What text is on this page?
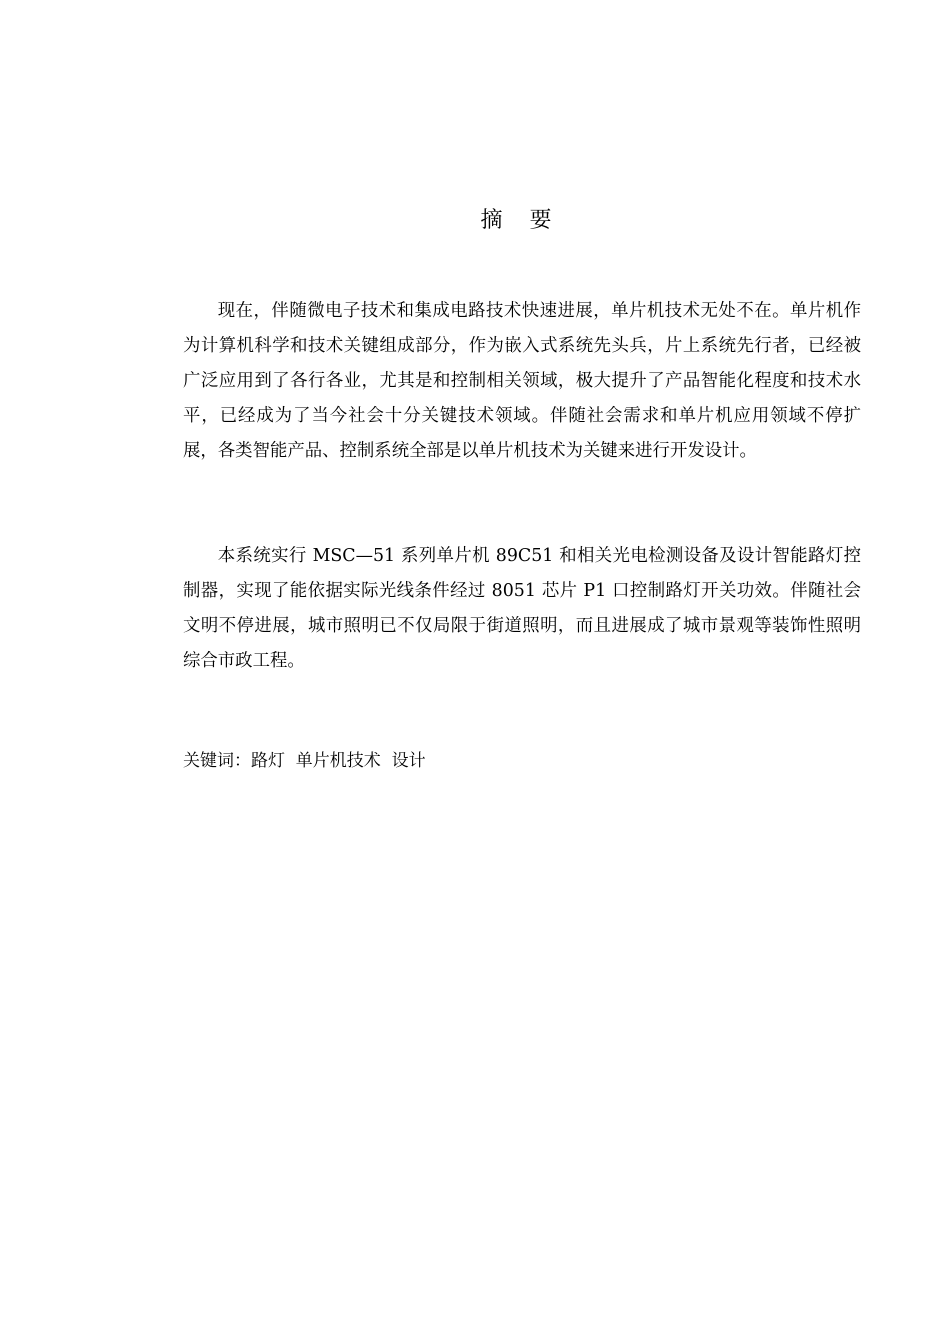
摘 要

现在，伴随微电子技术和集成电路技术快速进展，单片机技术无处不在。单片机作为计算机科学和技术关键组成部分，作为嵌入式系统先头兵，片上系统先行者，已经被广泛应用到了各行各业，尤其是和控制相关领域，极大提升了产品智能化程度和技术水平，已经成为了当今社会十分关键技术领域。伴随社会需求和单片机应用领域不停扩展，各类智能产品、控制系统全部是以单片机技术为关键来进行开发设计。

本系统实行 MSC—51 系列单片机 89C51 和相关光电检测设备及设计智能路灯控制器，实现了能依据实际光线条件经过 8051 芯片 P1 口控制路灯开关功效。伴随社会文明不停进展，城市照明已不仅局限于街道照明，而且进展成了城市景观等装饰性照明综合市政工程。

关键词：路灯  单片机技术  设计
